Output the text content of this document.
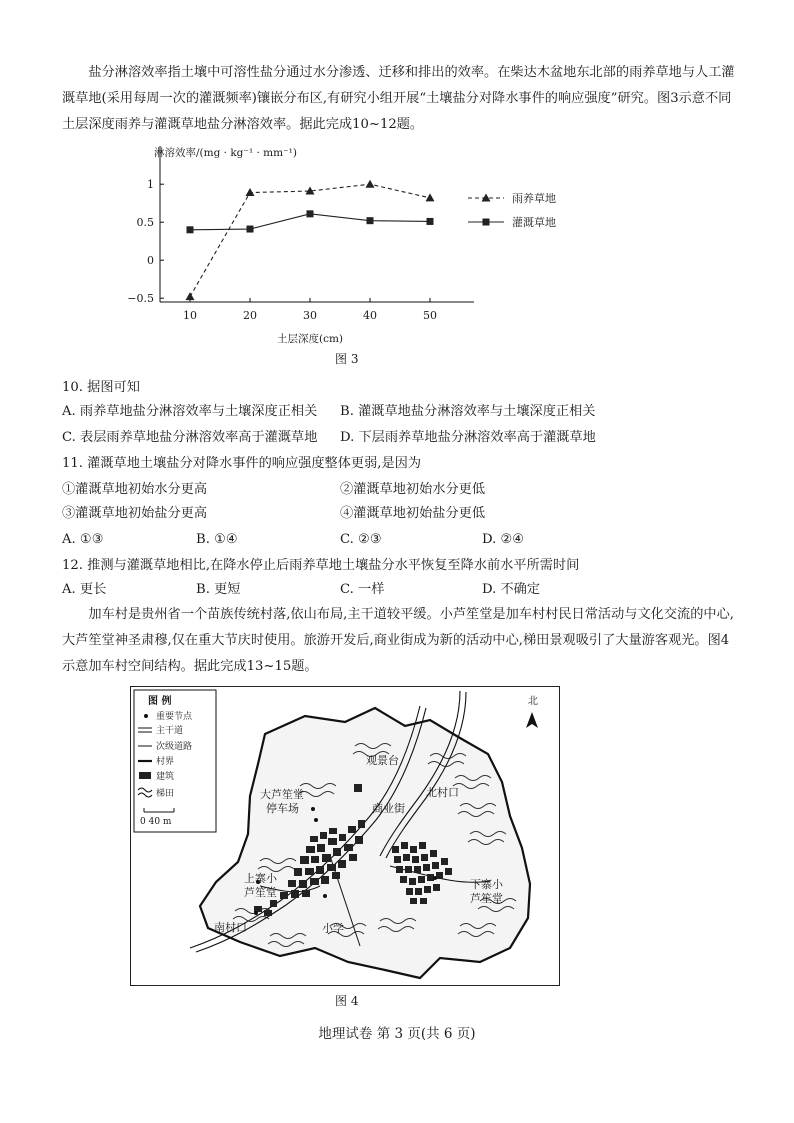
盐分淋溶效率指土壤中可溶性盐分通过水分渗透、迁移和排出的效率。在柴达木盆地东北部的雨养草地与人工灌溉草地(采用每周一次的灌溉频率)镶嵌分布区,有研究小组开展“土壤盐分对降水事件的响应强度”研究。图3示意不同土层深度雨养与灌溉草地盐分淋溶效率。据此完成10~12题。

淋溶效率/(mg · kg⁻¹ · mm⁻¹)
1
0.5
0
−0.5
10	20	30	40	50
土层深度(cm)
雨养草地
灌溉草地
图 3

10. 据图可知

A. 雨养草地盐分淋溶效率与土壤深度正相关 B. 灌溉草地盐分淋溶效率与土壤深度正相关

C. 表层雨养草地盐分淋溶效率高于灌溉草地 D. 下层雨养草地盐分淋溶效率高于灌溉草地

11. 灌溉草地土壤盐分对降水事件的响应强度整体更弱,是因为

①灌溉草地初始水分更高	②灌溉草地初始水分更低

③灌溉草地初始盐分更高	④灌溉草地初始盐分更低

A. ①③	B. ①④	C. ②③	D. ②④

12. 推测与灌溉草地相比,在降水停止后雨养草地土壤盐分水平恢复至降水前水平所需时间

A. 更长	B. 更短	C. 一样	D. 不确定

加车村是贵州省一个苗族传统村落,依山布局,主干道较平缓。小芦笙堂是加车村村民日常活动与文化交流的中心,大芦笙堂神圣肃穆,仅在重大节庆时使用。旅游开发后,商业街成为新的活动中心,梯田景观吸引了大量游客观光。图4示意加车村空间结构。据此完成13~15题。

图 例
重要节点
主干道
次级道路
村界
建筑
梯田
0 40 m
北
观景台
大芦笙堂
停车场	商业街
北村口
上寨小
芦笙堂
南村口	小学
下寨小
芦笙堂
图 4
地理试卷 第 3 页(共 6 页)
